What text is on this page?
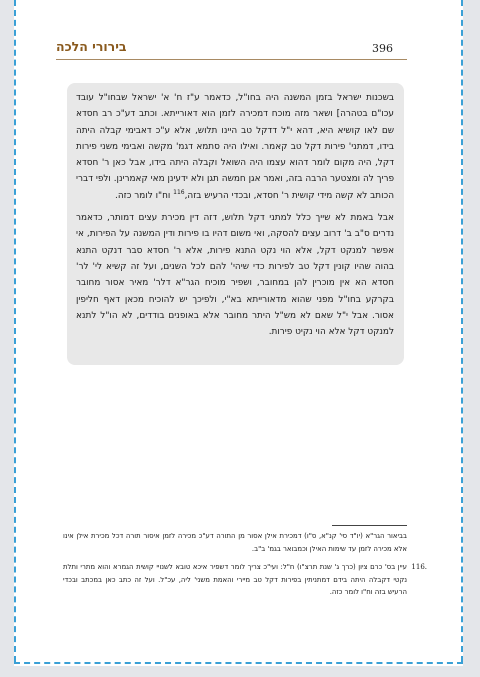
396
בירורי הלכה

בשכנות ישראל בזמן המשנה היה בחו"ל, כדאמר ע"ז ח' א' ישראל שבחו"ל עובד עכו"ם בטהרה] ושאר מזה מוכח דמכירה לזמן הוא דאורייתא. וכתב דע"כ רב חסדא שם לאו קושיא היא, דהא י"ל דדקל טב היינו תלוש, אלא ע"כ דאבימי קבלה היתה בידו, דמתני' פירות דקל טב קאמר. ואילו היה סתמא דגמ' מקשה ואבימי משני פירות דקל, היה מקום לומר דהוא עצמו היה השואל וקבלה היתה בידו, אבל כאן ר' חסדא פריך לה ומצטער הרבה בזה, ואמר אגן חמשה תגן ולא ידעינן מאי קאמרינן. ולפי דברי הכותב לא קשה מידי קושית ר' חסדא, ובכדי הרעיש בזה,$^{116}$ וח"ו לומר כזה.

אבל באמת לא שייך כלל למתני דקל תלוש, דזה דין מכירת עצים דמותר, כדאמר נדרים ס"ב ב' דרוב עצים להסקה, ואי משום דהיו בו פירות ודין המשנה על הפירות, אי אפשר למנקט דקל, אלא הוי נקט התנא פירות, אלא ר' חסדא סבר דנקט התנא בהוה שהיו קונין דקל טב לפירות כדי שיהי' להם לכל השנים, ועל זה קשיא לי' לר' חסדא הא אין מוכרין להן במחובר, ושפיר מוכיח הגר"א דלר' מאיר אסור מחובר בקרקע בחו"ל מפני שהוא מדאורייתא בא"י, ולפיכך יש להוכיח מכאן דאף חליפין אסור. אבל י"ל שאם לא מש"ל היתר מחובר אלא באופנים בודדים, לא הו"ל לתנא למנקט דקל אלא הוי נקיט פירות.

בביאור הגר"א (יו"ד סי' קנ"א, ס"ו) דמכירת אילן אסור מן התורה דע"כ מכירה לזמן איסור תורה דכל מכירת אילן אינו אלא מכירה לזמן עד שימות האילן וכמבואר בגמ' ב"ב.

116.
עיין בס' כרם ציון (כרך ג' שנת תרצ"ו) ח"ל: ועי"כ צריך לומר דשפיר איכא טובא לשנויי קושית הגמרא והוא מתרי ותלת נקטי דקבלה היתה בידם דמתניתין בפירות דקל טב מיירי והאמת משני' ליה, עכ"ל. ועל זה כתב כאן במכתב ובכדי הרעיש בזה וח"ו לומר כזה.
